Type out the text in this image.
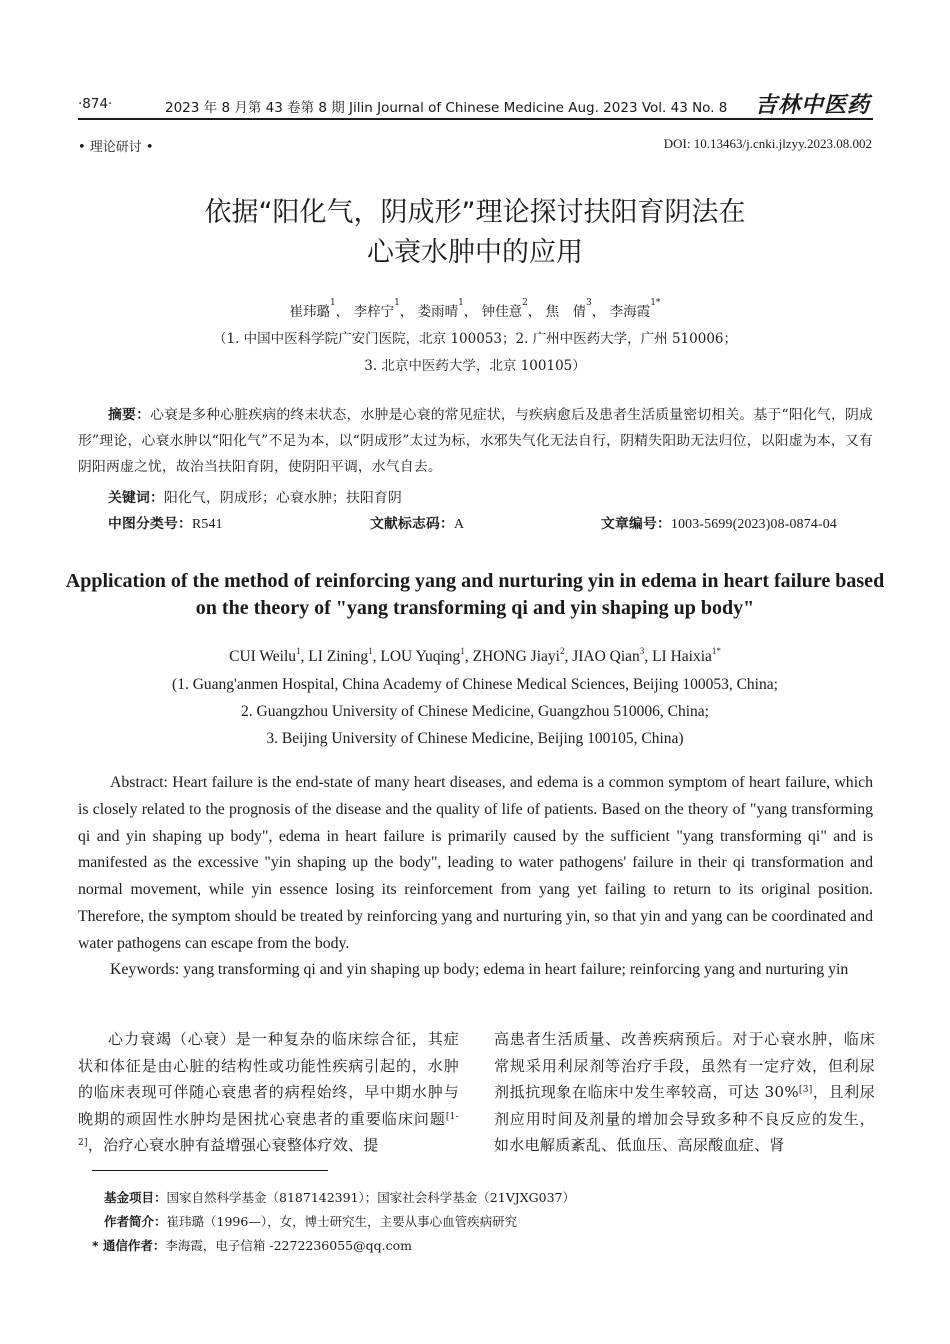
·874·	2023 年 8 月第 43 卷第 8 期 Jilin Journal of Chinese Medicine Aug. 2023 Vol. 43 No. 8 吉林中医药
• 理论研讨 •	DOI: 10.13463/j.cnki.jlzyy.2023.08.002
依据“阳化气，阴成形”理论探讨扶阳育阴法在
心衰水肿中的应用
崔玮璐$^1$， 李梓宁$^1$， 娄雨晴$^1$， 钟佳意$^2$， 焦　倩$^3$， 李海霞$^{1*}$
（1. 中国中医科学院广安门医院，北京 100053；2. 广州中医药大学，广州 510006；
3. 北京中医药大学，北京 100105）
摘要：心衰是多种心脏疾病的终末状态，水肿是心衰的常见症状，与疾病愈后及患者生活质量密切相关。基于“阳化气，阴成形”理论，心衰水肿以“阳化气”不足为本，以“阴成形”太过为标，水邪失气化无法自行，阴精失阳助无法归位，以阳虚为本，又有阴阳两虚之忧，故治当扶阳育阴，使阴阳平调，水气自去。
关键词：阳化气，阴成形；心衰水肿；扶阳育阴
中图分类号：R541	文献标志码：A	文章编号：1003-5699(2023)08-0874-04
Application of the method of reinforcing yang and nurturing yin in edema in heart failure based
on the theory of "yang transforming qi and yin shaping up body"
CUI Weilu$^1$, LI Zining$^1$, LOU Yuqing$^1$, ZHONG Jiayi$^2$, JIAO Qian$^3$, LI Haixia$^{1*}$
(1. Guang'anmen Hospital, China Academy of Chinese Medical Sciences, Beijing 100053, China;
2. Guangzhou University of Chinese Medicine, Guangzhou 510006, China;
3. Beijing University of Chinese Medicine, Beijing 100105, China)
Abstract: Heart failure is the end-state of many heart diseases, and edema is a common symptom of heart failure, which is closely related to the prognosis of the disease and the quality of life of patients. Based on the theory of "yang transforming qi and yin shaping up body", edema in heart failure is primarily caused by the sufficient "yang transforming qi" and is manifested as the excessive "yin shaping up the body", leading to water pathogens' failure in their qi transformation and normal movement, while yin essence losing its reinforcement from yang yet failing to return to its original position. Therefore, the symptom should be treated by reinforcing yang and nurturing yin, so that yin and yang can be coordinated and water pathogens can escape from the body.
Keywords: yang transforming qi and yin shaping up body; edema in heart failure; reinforcing yang and nurturing yin
心力衰竭（心衰）是一种复杂的临床综合征，其症状和体征是由心脏的结构性或功能性疾病引起的，水肿的临床表现可伴随心衰患者的病程始终，早中期水肿与晚期的顽固性水肿均是困扰心衰患者的重要临床问题[1-2]，治疗心衰水肿有益增强心衰整体疗效、提
高患者生活质量、改善疾病预后。对于心衰水肿，临床常规采用利尿剂等治疗手段，虽然有一定疗效，但利尿剂抵抗现象在临床中发生率较高，可达 30%[3]，且利尿剂应用时间及剂量的增加会导致多种不良反应的发生，如水电解质紊乱、低血压、高尿酸血症、肾
基金项目：国家自然科学基金（8187142391）；国家社会科学基金（21VJXG037）
作者简介：崔玮璐（1996—），女，博士研究生，主要从事心血管疾病研究
* 通信作者：李海霞，电子信箱 -2272236055@qq.com
